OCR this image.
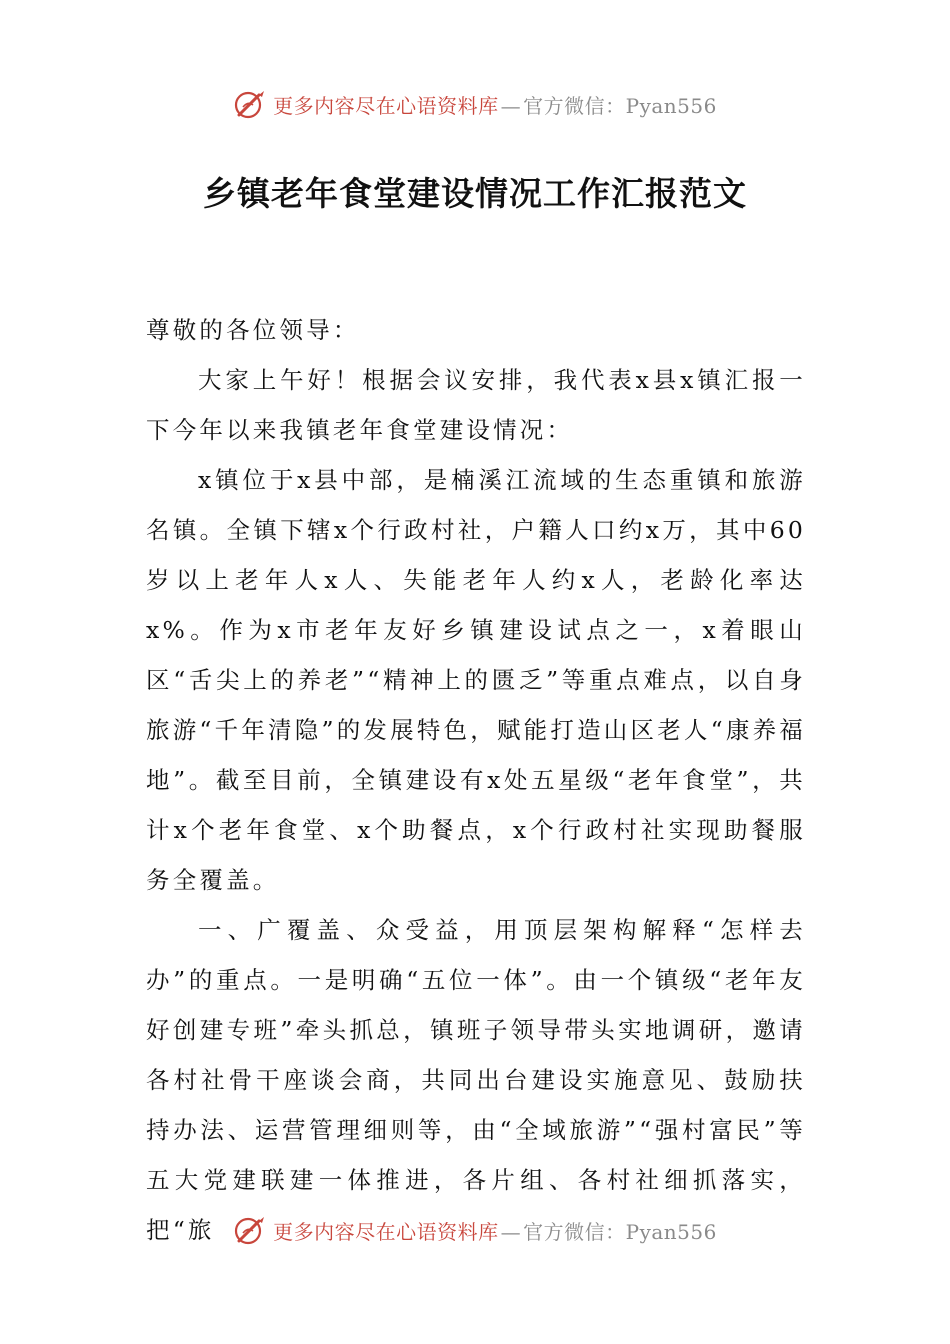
更多内容尽在心语资料库 — 官方微信：Pyan556
乡镇老年食堂建设情况工作汇报范文

尊敬的各位领导：

大家上午好！根据会议安排，我代表x县x镇汇报一下今年以来我镇老年食堂建设情况：

x镇位于x县中部，是楠溪江流域的生态重镇和旅游名镇。全镇下辖x个行政村社，户籍人口约x万，其中60岁以上老年人x人、失能老年人约x人，老龄化率达x%。作为x市老年友好乡镇建设试点之一，x着眼山区“舌尖上的养老”“精神上的匮乏”等重点难点，以自身旅游“千年清隐”的发展特色，赋能打造山区老人“康养福地”。截至目前，全镇建设有x处五星级“老年食堂”，共计x个老年食堂、x个助餐点，x个行政村社实现助餐服务全覆盖。

一、广覆盖、众受益，用顶层架构解释“怎样去办”的重点。一是明确“五位一体”。由一个镇级“老年友好创建专班”牵头抓总，镇班子领导带头实地调研，邀请各村社骨干座谈会商，共同出台建设实施意见、鼓励扶持办法、运营管理细则等，由“全域旅游”“强村富民”等五大党建联建一体推进，各片组、各村社细抓落实，把“旅	更多内容尽在心语资料库 — 官方微信：Pyan556
